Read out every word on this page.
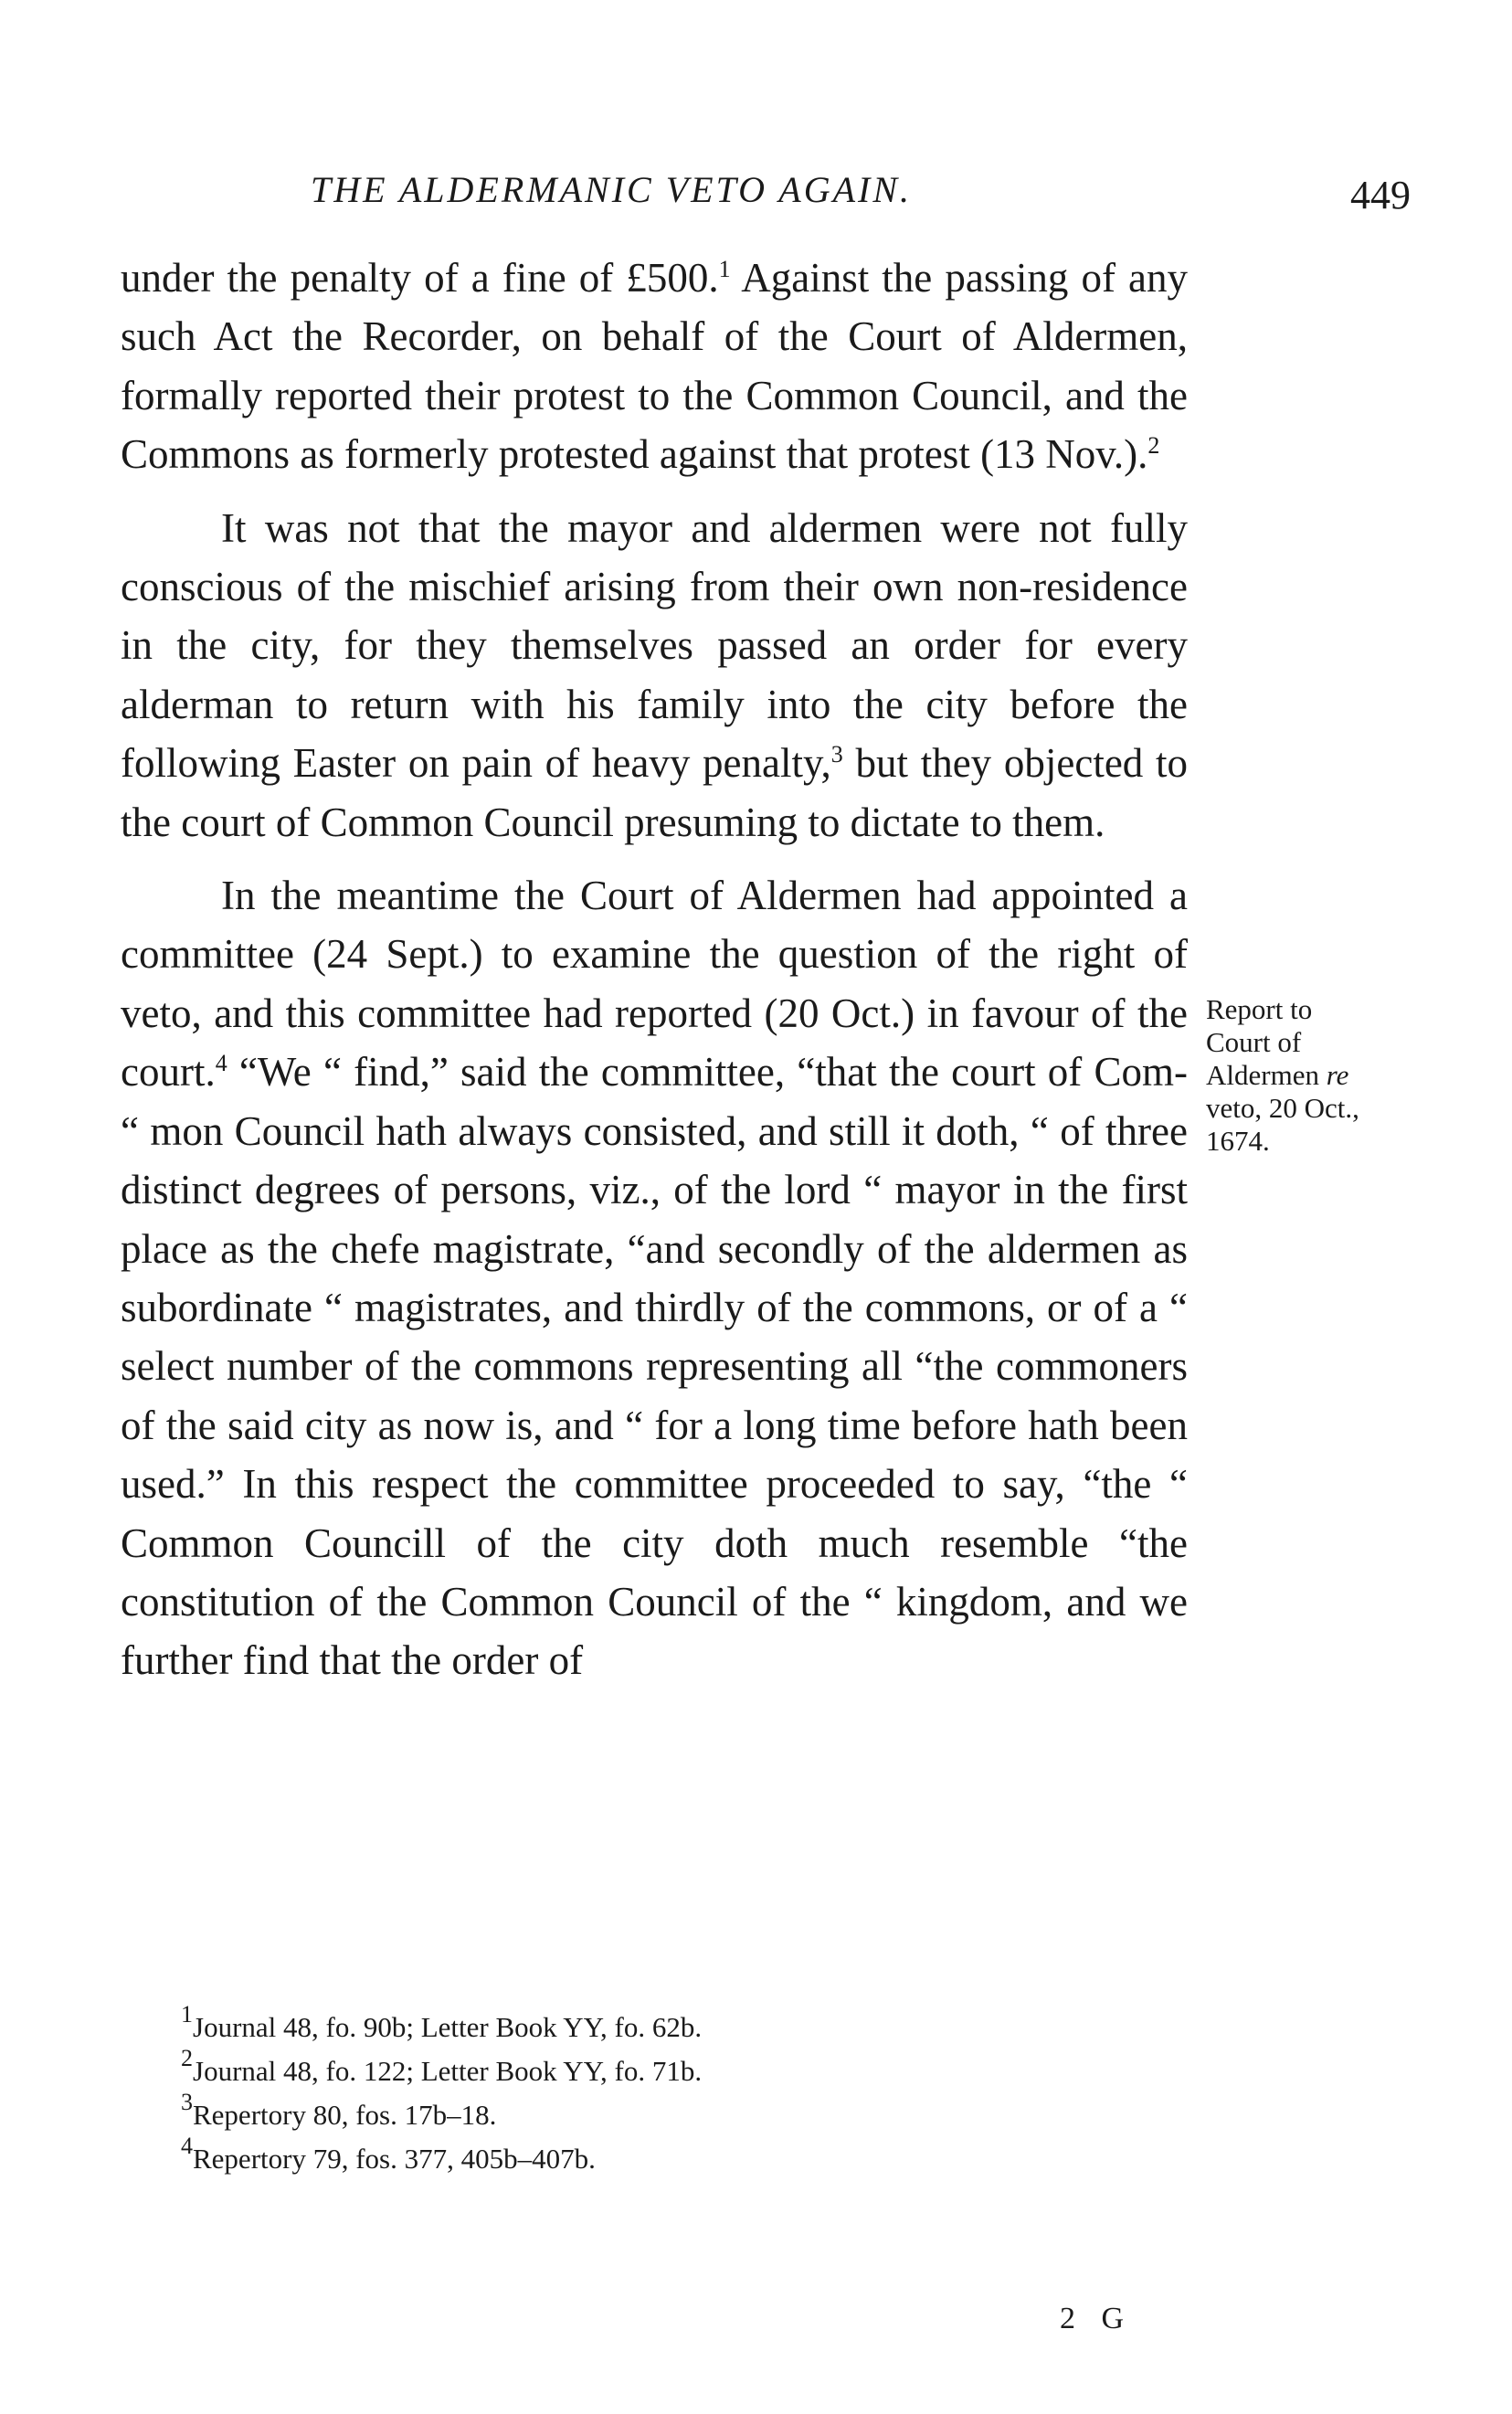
THE ALDERMANIC VETO AGAIN.	449

under the penalty of a fine of £500.$^1$ Against the passing of any such Act the Recorder, on behalf of the Court of Aldermen, formally reported their protest to the Common Council, and the Commons as formerly protested against that protest (13 Nov.).$^2$

It was not that the mayor and aldermen were not fully conscious of the mischief arising from their own non-residence in the city, for they themselves passed an order for every alderman to return with his family into the city before the following Easter on pain of heavy penalty,$^3$ but they objected to the court of Common Council presuming to dictate to them.

In the meantime the Court of Aldermen had appointed a committee (24 Sept.) to examine the question of the right of veto, and this committee had reported (20 Oct.) in favour of the court.$^4$ “We “ find,” said the committee, “that the court of Com- “ mon Council hath always consisted, and still it doth, “ of three distinct degrees of persons, viz., of the lord “ mayor in the first place as the chefe magistrate, “and secondly of the aldermen as subordinate “ magistrates, and thirdly of the commons, or of a “ select number of the commons representing all “the commoners of the said city as now is, and “ for a long time before hath been used.” In this respect the committee proceeded to say, “the “ Common Councill of the city doth much resemble “the constitution of the Common Council of the “ kingdom, and we further find that the order of

Report to
Court of
Aldermen re
veto, 20 Oct.,
1674.

$^1$Journal 48, fo. 90b; Letter Book YY, fo. 62b.

$^2$Journal 48, fo. 122; Letter Book YY, fo. 71b.

$^3$Repertory 80, fos. 17b–18.

$^4$Repertory 79, fos. 377, 405b–407b.

2 G
